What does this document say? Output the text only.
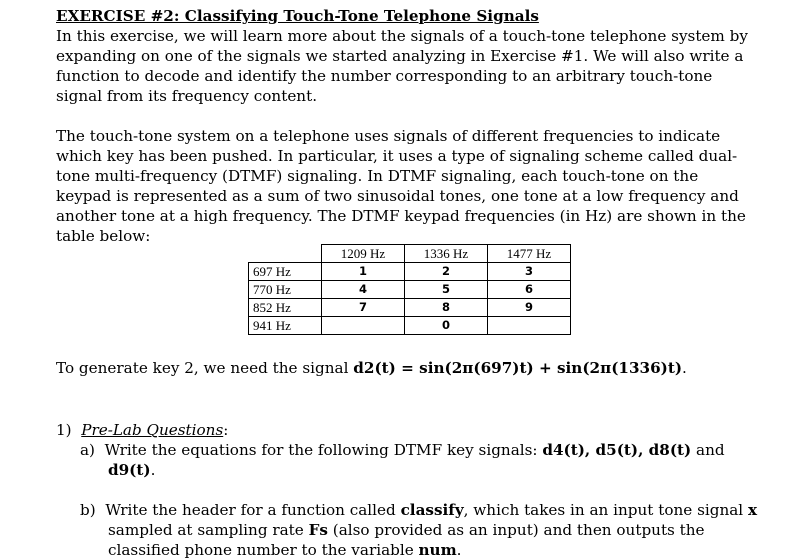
EXERCISE #2: Classifying Touch-Tone Telephone Signals

In this exercise, we will learn more about the signals of a touch-tone telephone system by expanding on one of the signals we started analyzing in Exercise #1. We will also write a function to decode and identify the number corresponding to an arbitrary touch-tone signal from its frequency content.

The touch-tone system on a telephone uses signals of different frequencies to indicate which key has been pushed. In particular, it uses a type of signaling scheme called dual-tone multi-frequency (DTMF) signaling. In DTMF signaling, each touch-tone on the keypad is represented as a sum of two sinusoidal tones, one tone at a low frequency and another tone at a high frequency. The DTMF keypad frequencies (in Hz) are shown in the table below:

	1209 Hz	1336 Hz	1477 Hz
697 Hz	1	2	3
770 Hz	4	5	6
852 Hz	7	8	9
941 Hz		0	

To generate key 2, we need the signal d2(t) = sin(2π(697)t) + sin(2π(1336)t).

1) Pre-Lab Questions:

a) Write the equations for the following DTMF key signals: d4(t), d5(t), d8(t) and d9(t).

b) Write the header for a function called classify, which takes in an input tone signal x sampled at sampling rate Fs (also provided as an input) and then outputs the classified phone number to the variable num.
